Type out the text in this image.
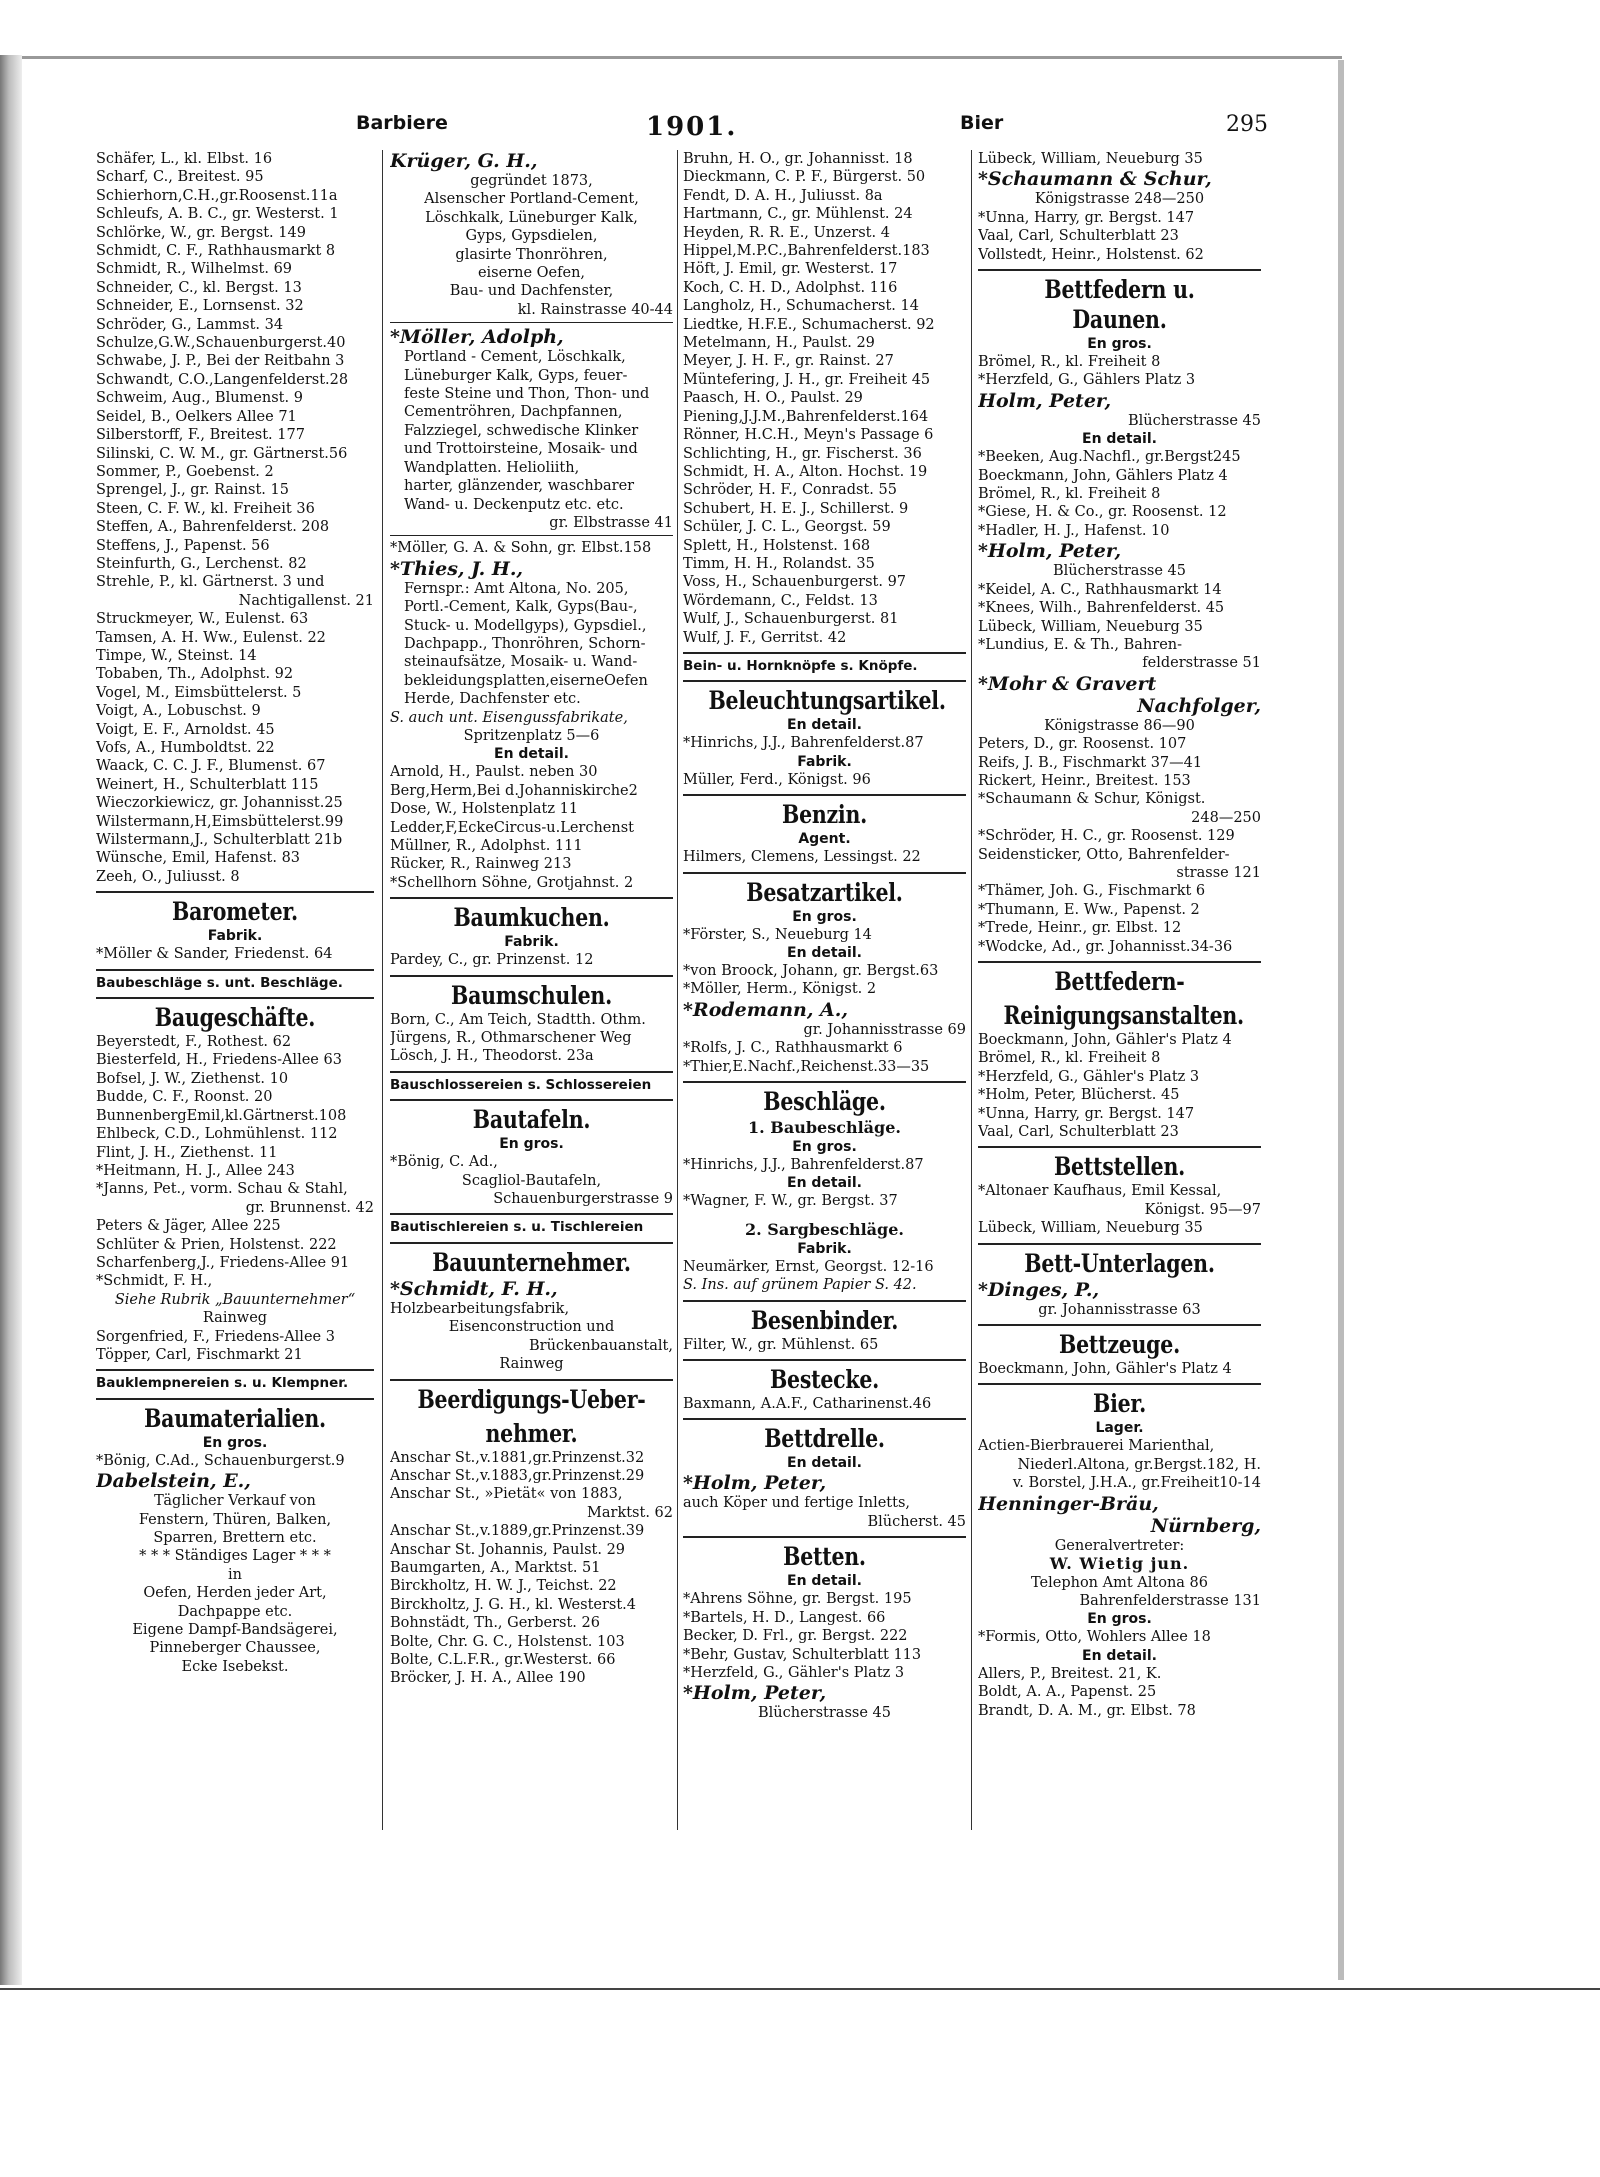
Barbiere	1901.	Bier	295
Schäfer, L., kl. Elbst. 16
Scharf, C., Breitest. 95
Schierhorn,C.H.,gr.Roosenst.11a
Schleufs, A. B. C., gr. Westerst. 1
Schlörke, W., gr. Bergst. 149
Schmidt, C. F., Rathhausmarkt 8
Schmidt, R., Wilhelmst. 69
Schneider, C., kl. Bergst. 13
Schneider, E., Lornsenst. 32
Schröder, G., Lammst. 34
Schulze,G.W.,Schauenburgerst.40
Schwabe, J. P., Bei der Reitbahn 3
Schwandt, C.O.,Langenfelderst.28
Schweim, Aug., Blumenst. 9
Seidel, B., Oelkers Allee 71
Silberstorff, F., Breitest. 177
Silinski, C. W. M., gr. Gärtnerst.56
Sommer, P., Goebenst. 2
Sprengel, J., gr. Rainst. 15
Steen, C. F. W., kl. Freiheit 36
Steffen, A., Bahrenfelderst. 208
Steffens, J., Papenst. 56
Steinfurth, G., Lerchenst. 82
Strehle, P., kl. Gärtnerst. 3 und
Nachtigallenst. 21
Struckmeyer, W., Eulenst. 63
Tamsen, A. H. Ww., Eulenst. 22
Timpe, W., Steinst. 14
Tobaben, Th., Adolphst. 92
Vogel, M., Eimsbüttelerst. 5
Voigt, A., Lobuschst. 9
Voigt, E. F., Arnoldst. 45
Vofs, A., Humboldtst. 22
Waack, C. C. J. F., Blumenst. 67
Weinert, H., Schulterblatt 115
Wieczorkiewicz, gr. Johannisst.25
Wilstermann,H,Eimsbüttelerst.99
Wilstermann,J., Schulterblatt 21b
Wünsche, Emil, Hafenst. 83
Zeeh, O., Juliusst. 8
Barometer.
Fabrik.
*Möller & Sander, Friedenst. 64
Baubeschläge s. unt. Beschläge.
Baugeschäfte.
Beyerstedt, F., Rothest. 62
Biesterfeld, H., Friedens-Allee 63
Bofsel, J. W., Ziethenst. 10
Budde, C. F., Roonst. 20
BunnenbergEmil,kl.Gärtnerst.108
Ehlbeck, C.D., Lohmühlenst. 112
Flint, J. H., Ziethenst. 11
*Heitmann, H. J., Allee 243
*Janns, Pet., vorm. Schau & Stahl,
gr. Brunnenst. 42
Peters & Jäger, Allee 225
Schlüter & Prien, Holstenst. 222
Scharfenberg,J., Friedens-Allee 91
*Schmidt, F. H.,
Siehe Rubrik „Bauunternehmer“
Rainweg
Sorgenfried, F., Friedens-Allee 3
Töpper, Carl, Fischmarkt 21
Bauklempnereien s. u. Klempner.
Baumaterialien.
En gros.
*Bönig, C.Ad., Schauenburgerst.9
Dabelstein, E.,
Täglicher Verkauf von
Fenstern, Thüren, Balken,
Sparren, Brettern etc.
* * * Ständiges Lager * * *
in
Oefen, Herden jeder Art,
Dachpappe etc.
Eigene Dampf-Bandsägerei,
Pinneberger Chaussee,
Ecke Isebekst.
Krüger, G. H.,
gegründet 1873,
Alsenscher Portland-Cement,
Löschkalk, Lüneburger Kalk,
Gyps, Gypsdielen,
glasirte Thonröhren,
eiserne Oefen,
Bau- und Dachfenster,
kl. Rainstrasse 40-44
*Möller, Adolph,
Portland - Cement, Löschkalk,
Lüneburger Kalk, Gyps, feuer-
feste Steine und Thon, Thon- und
Cementröhren, Dachpfannen,
Falzziegel, schwedische Klinker
und Trottoirsteine, Mosaik- und
Wandplatten. Helioliith,
harter, glänzender, waschbarer
Wand- u. Deckenputz etc. etc.
gr. Elbstrasse 41
*Möller, G. A. & Sohn, gr. Elbst.158
*Thies, J. H.,
Fernspr.: Amt Altona, No. 205,
Portl.-Cement, Kalk, Gyps(Bau-,
Stuck- u. Modellgyps), Gypsdiel.,
Dachpapp., Thonröhren, Schorn-
steinaufsätze, Mosaik- u. Wand-
bekleidungsplatten,eiserneOefen
Herde, Dachfenster etc.
S. auch unt. Eisengussfabrikate,
Spritzenplatz 5—6
En detail.
Arnold, H., Paulst. neben 30
Berg,Herm,Bei d.Johanniskirche2
Dose, W., Holstenplatz 11
Ledder,F,EckeCircus-u.Lerchenst
Müllner, R., Adolphst. 111
Rücker, R., Rainweg 213
*Schellhorn Söhne, Grotjahnst. 2
Baumkuchen.
Fabrik.
Pardey, C., gr. Prinzenst. 12
Baumschulen.
Born, C., Am Teich, Stadtth. Othm.
Jürgens, R., Othmarschener Weg
Lösch, J. H., Theodorst. 23a
Bauschlossereien s. Schlossereien
Bautafeln.
En gros.
*Bönig, C. Ad.,
Scagliol-Bautafeln,
Schauenburgerstrasse 9
Bautischlereien s. u. Tischlereien
Bauunternehmer.
*Schmidt, F. H.,
Holzbearbeitungsfabrik,
Eisenconstruction und
Brückenbauanstalt,
Rainweg
Beerdigungs-Ueber-
nehmer.
Anschar St.,v.1881,gr.Prinzenst.32
Anschar St.,v.1883,gr.Prinzenst.29
Anschar St., »Pietät« von 1883,
Marktst. 62
Anschar St.,v.1889,gr.Prinzenst.39
Anschar St. Johannis, Paulst. 29
Baumgarten, A., Marktst. 51
Birckholtz, H. W. J., Teichst. 22
Birckholtz, J. G. H., kl. Westerst.4
Bohnstädt, Th., Gerberst. 26
Bolte, Chr. G. C., Holstenst. 103
Bolte, C.L.F.R., gr.Westerst. 66
Bröcker, J. H. A., Allee 190
Bruhn, H. O., gr. Johannisst. 18
Dieckmann, C. P. F., Bürgerst. 50
Fendt, D. A. H., Juliusst. 8a
Hartmann, C., gr. Mühlenst. 24
Heyden, R. R. E., Unzerst. 4
Hippel,M.P.C.,Bahrenfelderst.183
Höft, J. Emil, gr. Westerst. 17
Koch, C. H. D., Adolphst. 116
Langholz, H., Schumacherst. 14
Liedtke, H.F.E., Schumacherst. 92
Metelmann, H., Paulst. 29
Meyer, J. H. F., gr. Rainst. 27
Müntefering, J. H., gr. Freiheit 45
Paasch, H. O., Paulst. 29
Piening,J.J.M.,Bahrenfelderst.164
Rönner, H.C.H., Meyn's Passage 6
Schlichting, H., gr. Fischerst. 36
Schmidt, H. A., Alton. Hochst. 19
Schröder, H. F., Conradst. 55
Schubert, H. E. J., Schillerst. 9
Schüler, J. C. L., Georgst. 59
Splett, H., Holstenst. 168
Timm, H. H., Rolandst. 35
Voss, H., Schauenburgerst. 97
Wördemann, C., Feldst. 13
Wulf, J., Schauenburgerst. 81
Wulf, J. F., Gerritst. 42
Bein- u. Hornknöpfe s. Knöpfe.
Beleuchtungsartikel.
En detail.
*Hinrichs, J.J., Bahrenfelderst.87
Fabrik.
Müller, Ferd., Königst. 96
Benzin.
Agent.
Hilmers, Clemens, Lessingst. 22
Besatzartikel.
En gros.
*Förster, S., Neueburg 14
En detail.
*von Broock, Johann, gr. Bergst.63
*Möller, Herm., Königst. 2
*Rodemann, A.,
gr. Johannisstrasse 69
*Rolfs, J. C., Rathhausmarkt 6
*Thier,E.Nachf.,Reichenst.33—35
Beschläge.
1. Baubeschläge.
En gros.
*Hinrichs, J.J., Bahrenfelderst.87
En detail.
*Wagner, F. W., gr. Bergst. 37
2. Sargbeschläge.
Fabrik.
Neumärker, Ernst, Georgst. 12-16
S. Ins. auf grünem Papier S. 42.
Besenbinder.
Filter, W., gr. Mühlenst. 65
Bestecke.
Baxmann, A.A.F., Catharinenst.46
Bettdrelle.
En detail.
*Holm, Peter,
auch Köper und fertige Inletts,
Blücherst. 45
Betten.
En detail.
*Ahrens Söhne, gr. Bergst. 195
*Bartels, H. D., Langest. 66
Becker, D. Frl., gr. Bergst. 222
*Behr, Gustav, Schulterblatt 113
*Herzfeld, G., Gähler's Platz 3
*Holm, Peter,
Blücherstrasse 45
Lübeck, William, Neueburg 35
*Schaumann & Schur,
Königstrasse 248—250
*Unna, Harry, gr. Bergst. 147
Vaal, Carl, Schulterblatt 23
Vollstedt, Heinr., Holstenst. 62
Bettfedern u. Daunen.
En gros.
Brömel, R., kl. Freiheit 8
*Herzfeld, G., Gählers Platz 3
Holm, Peter,
Blücherstrasse 45
En detail.
*Beeken, Aug.Nachfl., gr.Bergst245
Boeckmann, John, Gählers Platz 4
Brömel, R., kl. Freiheit 8
*Giese, H. & Co., gr. Roosenst. 12
*Hadler, H. J., Hafenst. 10
*Holm, Peter,
Blücherstrasse 45
*Keidel, A. C., Rathhausmarkt 14
*Knees, Wilh., Bahrenfelderst. 45
Lübeck, William, Neueburg 35
*Lundius, E. & Th., Bahren-
felderstrasse 51
*Mohr & Gravert
Nachfolger,
Königstrasse 86—90
Peters, D., gr. Roosenst. 107
Reifs, J. B., Fischmarkt 37—41
Rickert, Heinr., Breitest. 153
*Schaumann & Schur, Königst.
248—250
*Schröder, H. C., gr. Roosenst. 129
Seidensticker, Otto, Bahrenfelder-
strasse 121
*Thämer, Joh. G., Fischmarkt 6
*Thumann, E. Ww., Papenst. 2
*Trede, Heinr., gr. Elbst. 12
*Wodcke, Ad., gr. Johannisst.34-36
Bettfedern-
Reinigungsanstalten.
Boeckmann, John, Gähler's Platz 4
Brömel, R., kl. Freiheit 8
*Herzfeld, G., Gähler's Platz 3
*Holm, Peter, Blücherst. 45
*Unna, Harry, gr. Bergst. 147
Vaal, Carl, Schulterblatt 23
Bettstellen.
*Altonaer Kaufhaus, Emil Kessal,
Königst. 95—97
Lübeck, William, Neueburg 35
Bett-Unterlagen.
*Dinges, P.,
gr. Johannisstrasse 63
Bettzeuge.
Boeckmann, John, Gähler's Platz 4
Bier.
Lager.
Actien-Bierbrauerei Marienthal,
Niederl.Altona, gr.Bergst.182, H.
v. Borstel, J.H.A., gr.Freiheit10-14
Henninger-Bräu,
Nürnberg,
Generalvertreter:
W. Wietig jun.
Telephon Amt Altona 86
Bahrenfelderstrasse 131
En gros.
*Formis, Otto, Wohlers Allee 18
En detail.
Allers, P., Breitest. 21, K.
Boldt, A. A., Papenst. 25
Brandt, D. A. M., gr. Elbst. 78
